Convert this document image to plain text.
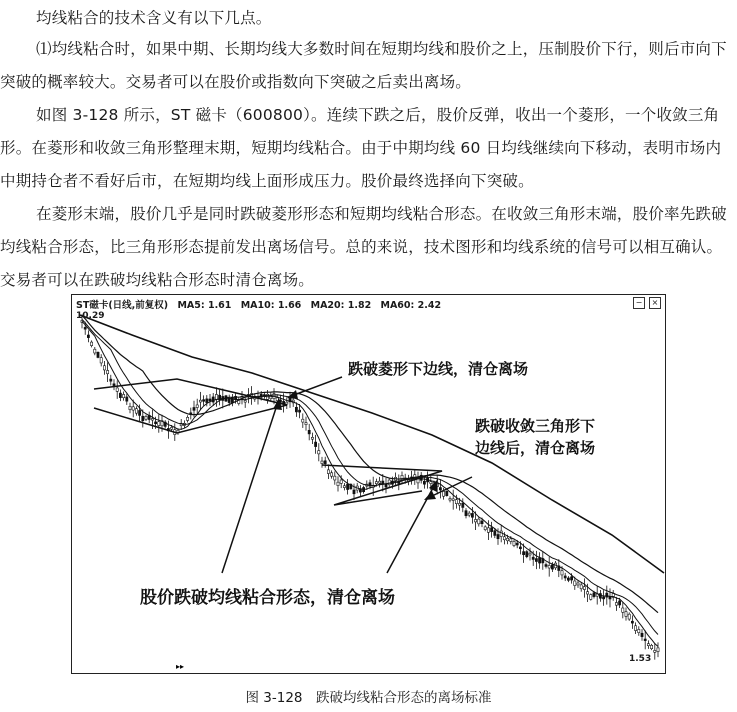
均线粘合的技术含义有以下几点。

⑴均线粘合时，如果中期、长期均线大多数时间在短期均线和股价之上，压制股价下行，则后市向下突破的概率较大。交易者可以在股价或指数向下突破之后卖出离场。

如图 3-128 所示，ST 磁卡（600800）。连续下跌之后，股价反弹，收出一个菱形，一个收敛三角形。在菱形和收敛三角形整理末期，短期均线粘合。由于中期均线 60 日均线继续向下移动，表明市场内中期持仓者不看好后市，在短期均线上面形成压力。股价最终选择向下突破。

在菱形末端，股价几乎是同时跌破菱形形态和短期均线粘合形态。在收敛三角形末端，股价率先跌破均线粘合形态，比三角形形态提前发出离场信号。总的来说，技术图形和均线系统的信号可以相互确认。交易者可以在跌破均线粘合形态时清仓离场。

ST磁卡(日线,前复权) MA5: 1.61 MA10: 1.66 MA20: 1.82 MA60: 2.42	−	×
▸▸
10.29
1.53
跌破菱形下边线，清仓离场
跌破收敛三角形下
边线后，清仓离场
股价跌破均线粘合形态，清仓离场
图 3-128　跌破均线粘合形态的离场标准
